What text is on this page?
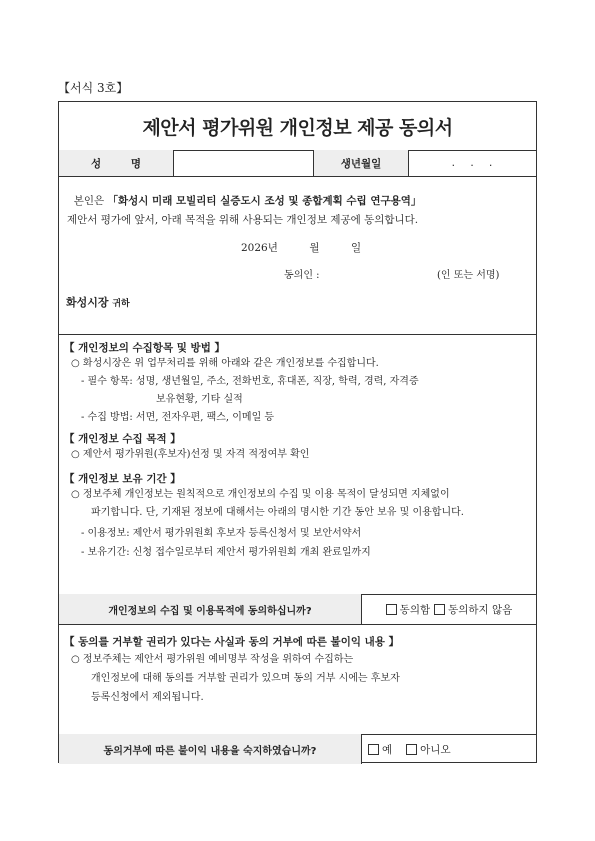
【서식 3호】
제안서 평가위원 개인정보 제공 동의서
성 명	생년월일	. . .
본인은 「화성시 미래 모빌리티 실증도시 조성 및 종합계획 수립 연구용역」
제안서 평가에 앞서, 아래 목적을 위해 사용되는 개인정보 제공에 동의합니다.
2026년　　　월　　　일
동의인 :	(인 또는 서명)
화성시장 귀하
【 개인정보의 수집항목 및 방법 】
○ 화성시장은 위 업무처리를 위해 아래와 같은 개인정보를 수집합니다.
- 필수 항목: 성명, 생년월일, 주소, 전화번호, 휴대폰, 직장, 학력, 경력, 자격증
보유현황, 기타 실적
- 수집 방법: 서면, 전자우편, 팩스, 이메일 등
【 개인정보 수집 목적 】
○ 제안서 평가위원(후보자)선정 및 자격 적정여부 확인
【 개인정보 보유 기간 】
○ 정보주체 개인정보는 원칙적으로 개인정보의 수집 및 이용 목적이 달성되면 지체없이
파기합니다. 단, 기재된 정보에 대해서는 아래의 명시한 기간 동안 보유 및 이용합니다.
- 이용정보: 제안서 평가위원회 후보자 등록신청서 및 보안서약서
- 보유기간: 신청 접수일로부터 제안서 평가위원회 개최 완료일까지
개인정보의 수집 및 이용목적에 동의하십니까?	동의함 동의하지 않음
【 동의를 거부할 권리가 있다는 사실과 동의 거부에 따른 불이익 내용 】
○ 정보주체는 제안서 평가위원 예비명부 작성을 위하여 수집하는
개인정보에 대해 동의를 거부할 권리가 있으며 동의 거부 시에는 후보자
등록신청에서 제외됩니다.
동의거부에 따른 불이익 내용을 숙지하였습니까?	예	아니오
